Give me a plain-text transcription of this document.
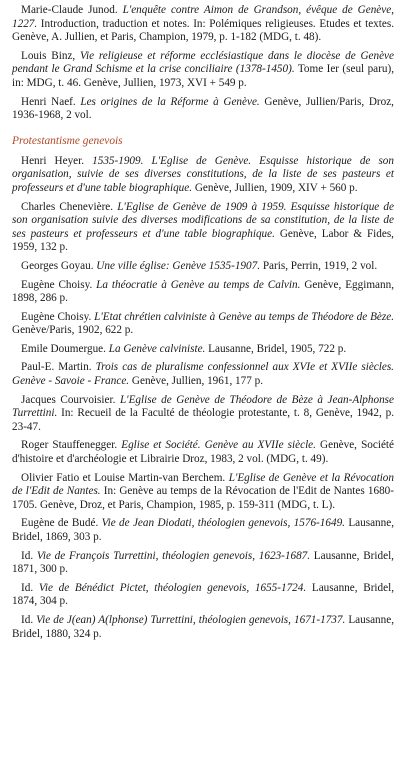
Marie-Claude Junod. L'enquête contre Aimon de Grandson, évêque de Genève, 1227. Introduction, traduction et notes. In: Polémiques religieuses. Etudes et textes. Genève, A. Jullien, et Paris, Champion, 1979, p. 1-182 (MDG, t. 48).

Louis Binz, Vie religieuse et réforme ecclésiastique dans le diocèse de Genève pendant le Grand Schisme et la crise conciliaire (1378-1450). Tome Ier (seul paru), in: MDG, t. 46. Genève, Jullien, 1973, XVI + 549 p.

Henri Naef. Les origines de la Réforme à Genève. Genève, Jullien/Paris, Droz, 1936-1968, 2 vol.

Protestantisme genevois

Henri Heyer. 1535-1909. L'Eglise de Genève. Esquisse historique de son organisation, suivie de ses diverses constitutions, de la liste de ses pasteurs et professeurs et d'une table biographique. Genève, Jullien, 1909, XIV + 560 p.

Charles Chenevière. L'Eglise de Genève de 1909 à 1959. Esquisse historique de son organisation suivie des diverses modifications de sa constitution, de la liste de ses pasteurs et professeurs et d'une table biographique. Genève, Labor & Fides, 1959, 132 p.

Georges Goyau. Une ville église: Genève 1535-1907. Paris, Perrin, 1919, 2 vol.

Eugène Choisy. La théocratie à Genève au temps de Calvin. Genève, Eggimann, 1898, 286 p.

Eugène Choisy. L'Etat chrétien calviniste à Genève au temps de Théodore de Bèze. Genève/Paris, 1902, 622 p.

Emile Doumergue. La Genève calviniste. Lausanne, Bridel, 1905, 722 p.

Paul-E. Martin. Trois cas de pluralisme confessionnel aux XVIe et XVIIe siècles. Genève - Savoie - France. Genève, Jullien, 1961, 177 p.

Jacques Courvoisier. L'Eglise de Genève de Théodore de Bèze à Jean-Alphonse Turrettini. In: Recueil de la Faculté de théologie protestante, t. 8, Genève, 1942, p. 23-47.

Roger Stauffenegger. Eglise et Société. Genève au XVIIe siècle. Genève, Société d'histoire et d'archéologie et Librairie Droz, 1983, 2 vol. (MDG, t. 49).

Olivier Fatio et Louise Martin-van Berchem. L'Eglise de Genève et la Révocation de l'Edit de Nantes. In: Genève au temps de la Révocation de l'Edit de Nantes 1680-1705. Genève, Droz, et Paris, Champion, 1985, p. 159-311 (MDG, t. L).

Eugène de Budé. Vie de Jean Diodati, théologien genevois, 1576-1649. Lausanne, Bridel, 1869, 303 p.

Id. Vie de François Turrettini, théologien genevois, 1623-1687. Lausanne, Bridel, 1871, 300 p.

Id. Vie de Bénédict Pictet, théologien genevois, 1655-1724. Lausanne, Bridel, 1874, 304 p.

Id. Vie de J(ean) A(lphonse) Turrettini, théologien genevois, 1671-1737. Lausanne, Bridel, 1880, 324 p.
